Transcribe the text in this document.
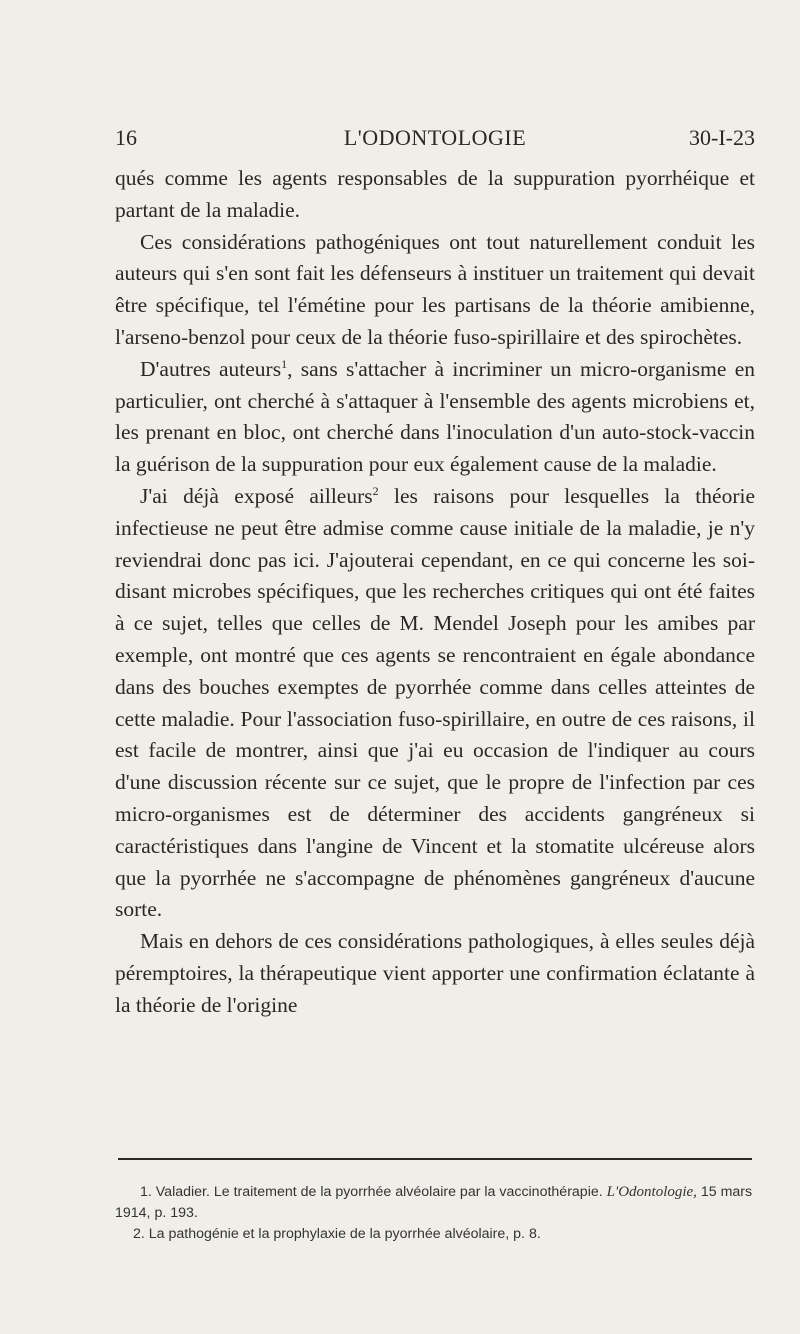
16	L'ODONTOLOGIE	30-I-23

qués comme les agents responsables de la suppuration pyorrhéique et partant de la maladie.

Ces considérations pathogéniques ont tout naturellement conduit les auteurs qui s'en sont fait les défenseurs à instituer un traitement qui devait être spécifique, tel l'émétine pour les partisans de la théorie amibienne, l'arseno-benzol pour ceux de la théorie fuso-spirillaire et des spirochètes.

D'autres auteurs$^1$, sans s'attacher à incriminer un micro-organisme en particulier, ont cherché à s'attaquer à l'ensemble des agents microbiens et, les prenant en bloc, ont cherché dans l'inoculation d'un auto-stock-vaccin la guérison de la suppuration pour eux également cause de la maladie.

J'ai déjà exposé ailleurs$^2$ les raisons pour lesquelles la théorie infectieuse ne peut être admise comme cause initiale de la maladie, je n'y reviendrai donc pas ici. J'ajouterai cependant, en ce qui concerne les soi-disant microbes spécifiques, que les recherches critiques qui ont été faites à ce sujet, telles que celles de M. Mendel Joseph pour les amibes par exemple, ont montré que ces agents se rencontraient en égale abondance dans des bouches exemptes de pyorrhée comme dans celles atteintes de cette maladie. Pour l'association fuso-spirillaire, en outre de ces raisons, il est facile de montrer, ainsi que j'ai eu occasion de l'indiquer au cours d'une discussion récente sur ce sujet, que le propre de l'infection par ces micro-organismes est de déterminer des accidents gangréneux si caractéristiques dans l'angine de Vincent et la stomatite ulcéreuse alors que la pyorrhée ne s'accompagne de phénomènes gangréneux d'aucune sorte.

Mais en dehors de ces considérations pathologiques, à elles seules déjà péremptoires, la thérapeutique vient apporter une confirmation éclatante à la théorie de l'origine

1. Valadier. Le traitement de la pyorrhée alvéolaire par la vaccinothérapie. L'Odontologie, 15 mars 1914, p. 193.

2. La pathogénie et la prophylaxie de la pyorrhée alvéolaire, p. 8.
